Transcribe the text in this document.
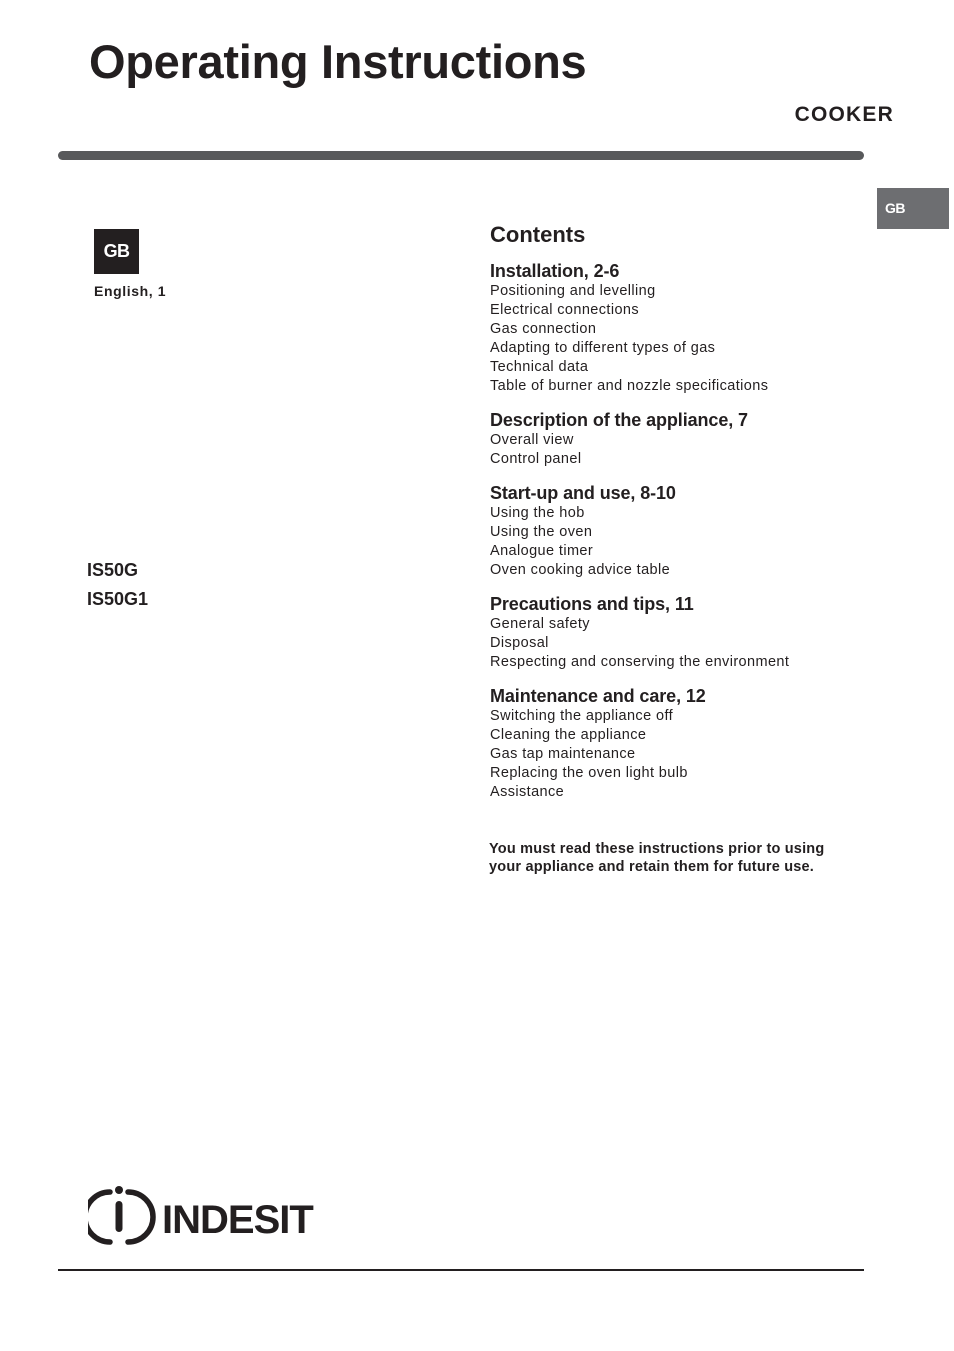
Operating Instructions
COOKER
GB
GB
English, 1
IS50G
IS50G1
Contents
Installation, 2-6
Positioning and levelling
Electrical connections
Gas connection
Adapting to different types of gas
Technical data
Table of burner and nozzle specifications
Description of the appliance, 7
Overall view
Control panel
Start-up and use, 8-10
Using the hob
Using the oven
Analogue timer
Oven cooking advice table
Precautions and tips, 11
General safety
Disposal
Respecting and conserving the environment
Maintenance and care, 12
Switching the appliance off
Cleaning the appliance
Gas tap maintenance
Replacing the oven light bulb
Assistance
You must read these instructions prior to using your appliance and retain them for future use.
INDESIT
